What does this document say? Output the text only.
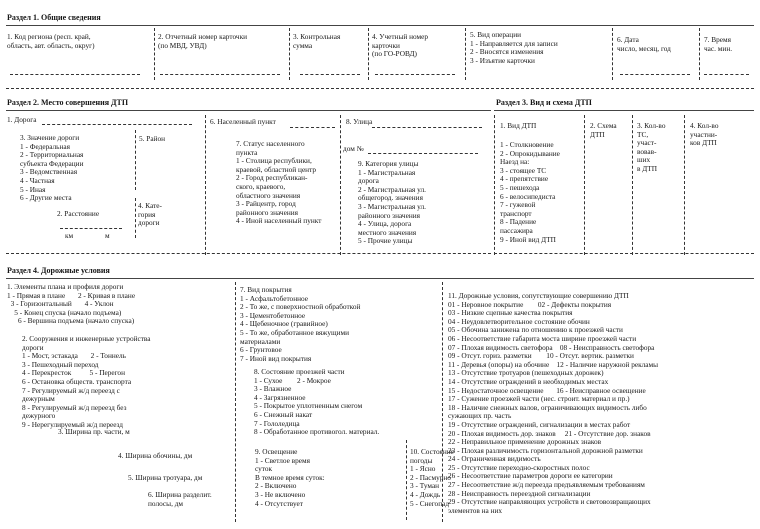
Раздел 1. Общие сведения
1. Код региона (респ. край,
область, авт. область, округ)
2. Отчетный номер карточки
(по МВД, УВД)
3. Контрольная
сумма
4. Учетный номер
карточки
(по ГО-РОВД)
5. Вид операции
1 - Направляется для записи
2 - Вносятся изменения
3 - Изъятие карточки
6. Дата
число, месяц, год
7. Время
час. мин.
Раздел 2. Место совершения ДТП
1. Дорога
3. Значение дороги
1 - Федеральная
2 - Территориальная
субъекта Федерации
3 - Ведомственная
4 - Частная
5 - Иная
6 - Другие места
5. Район
2. Расстояние
км	м
4. Кате-
гория
дороги
6. Населенный пункт
7. Статус населенного
пункта
1 - Столица республики,
краевой, областной центр
2 - Город республикан-
ского, краевого,
областного значения
3 - Райцентр, город
районного значения
4 - Иной населенный пункт
8. Улица
дом №
9. Категория улицы
1 - Магистральная
дорога
2 - Магистральная ул.
общегород. значения
3 - Магистральная ул.
районного значения
4 - Улица, дорога
местного значения
5 - Прочие улицы
Раздел 3. Вид и схема ДТП
1. Вид ДТП
1 - Столкновение
2 - Опрокидывание
Наезд на:
3 - стоящее ТС
4 - препятствие
5 - пешехода
6 - велосипедиста
7 - гужевой
транспорт
8 - Падение
пассажира
9 - Иной вид ДТП
2. Схема
ДТП
3. Кол-во
ТС,
участ-
вовав-
ших
в ДТП
4. Кол-во
участни-
ков ДТП
Раздел 4. Дорожные условия
1. Элементы плана и профиля дороги
1 - Прямая в плане       2 - Кривая в плане
3 - Горизонтальный       4 - Уклон
5 - Конец спуска (начало подъема)
6 - Вершина подъема (начало спуска)
2. Сооружения и инженерные устройства
дороги
1 - Мост, эстакада       2 - Тоннель
3 - Пешеходный переход
4 - Перекресток          5 - Перегон
6 - Остановка обществ. транспорта
7 - Регулируемый ж/д переезд с
дежурным
8 - Регулируемый ж/д переезд без
дежурного
9 - Нерегулируемый ж/д переезд
3. Ширина пр. части, м
4. Ширина обочины, дм
5. Ширина тротуара, дм
6. Ширина разделит.
полосы, дм
7. Вид покрытия
1 - Асфальтобетонное
2 - То же, с поверхностной обработкой
3 - Цементобетонное
4 - Щебеночное (гравийное)
5 - То же, обработанное вяжущими
материалами
6 - Грунтовое
7 - Иной вид покрытия
8. Состояние проезжей части
1 - Сухое        2 - Мокрое
3 - Влажное
4 - Загрязненное
5 - Покрытое уплотненным снегом
6 - Снежный накат
7 - Гололедица
8 - Обработанное противогол. материал.
9. Освещение
1 - Светлое время
суток
В темное время суток:
2 - Включено
3 - Не включено
4 - Отсутствует
10. Состояние
погоды
1 - Ясно
2 - Пасмурно
3 - Туман
4 - Дождь
5 - Снегопад
11. Дорожные условия, сопутствующие совершению ДТП
01 - Неровное покрытие        02 - Дефекты покрытия
03 - Низкие сцепные качества покрытия
04 - Неудовлетворительное состояние обочин
05 - Обочина занижена по отношению к проезжей части
06 - Несоответствие габарита моста ширине проезжей части
07 - Плохая видимость светофора    08 - Неисправность светофора
09 - Отсут. гориз. разметки        10 - Отсут. вертик. разметки
11 - Деревья (опоры) на обочине    12 - Наличие наружной рекламы
13 - Отсутствие тротуаров (пешеходных дорожек)
14 - Отсутствие ограждений в необходимых местах
15 - Недостаточное освещение       16 - Неисправное освещение
17 - Сужение проезжей части (нес. строит. материал и пр.)
18 - Наличие снежных валов, ограничивающих видимость либо
сужающих пр. часть
19 - Отсутствие ограждений, сигнализации в местах работ
20 - Плохая видимость дор. знаков     21 - Отсутствие дор. знаков
22 - Неправильное применение дорожных знаков
23 - Плохая различимость горизонтальной дорожной разметки
24 - Ограниченная видимость
25 - Отсутствие переходно-скоростных полос
26 - Несоответствие параметров дороги ее категории
27 - Несоответствие ж/д переезда предъявляемым требованиям
28 - Неисправность переездной сигнализации
29 - Отсутствие направляющих устройств и световозвращающих
элементов на них
